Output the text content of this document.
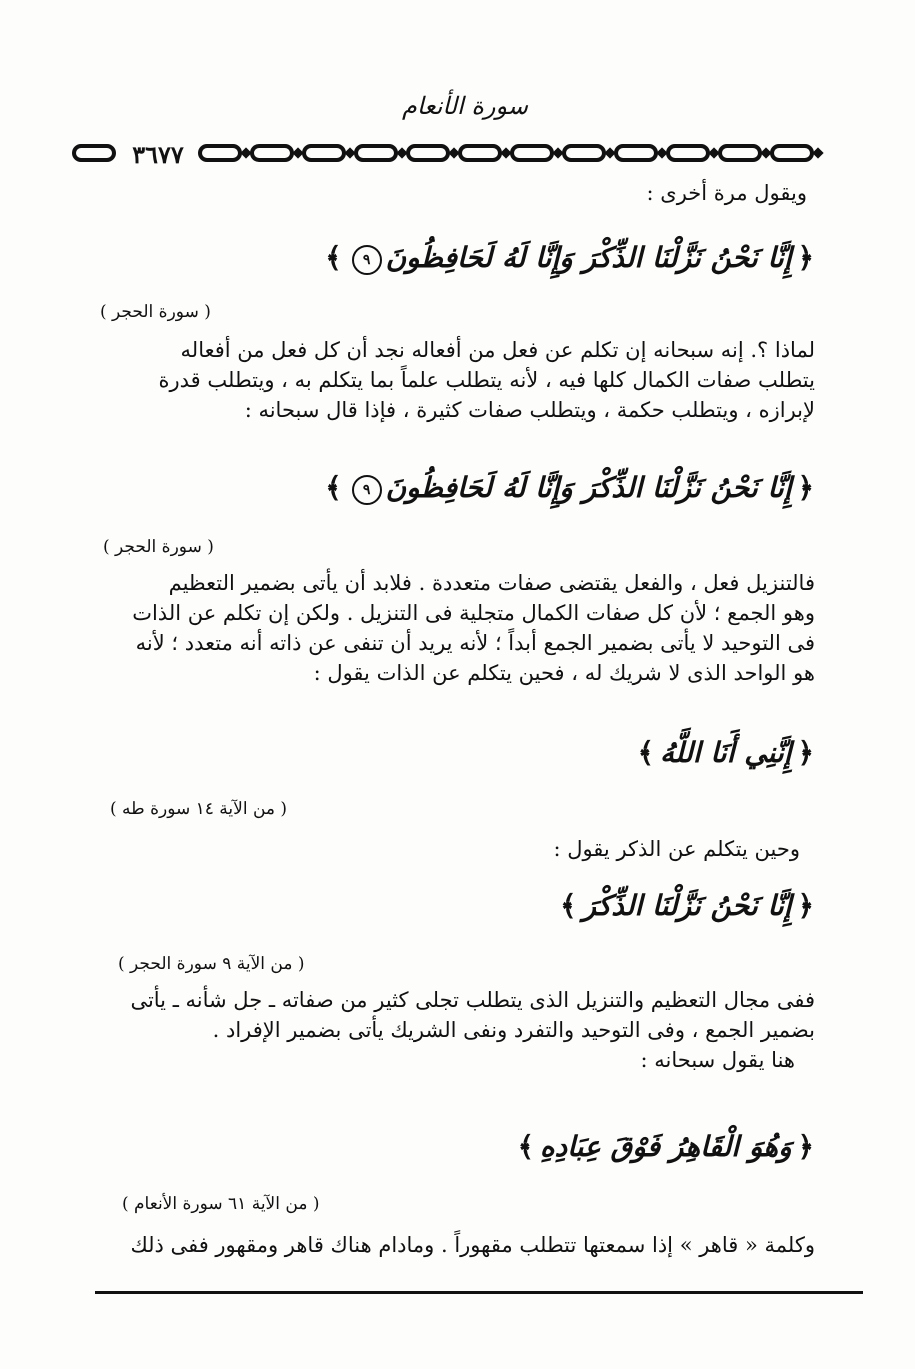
سورة الأنعام
٣٦٧٧
ويقول مرة أخرى :
﴿إِنَّا نَحْنُ نَزَّلْنَا الذِّكْرَ وَإِنَّا لَهُ لَحَافِظُونَ٩﴾
( سورة الحجر )
لماذا ؟. إنه سبحانه إن تكلم عن فعل من أفعاله نجد أن كل فعل من أفعاله
يتطلب صفات الكمال كلها فيه ، لأنه يتطلب علماً بما يتكلم به ، ويتطلب قدرة
لإبرازه ، ويتطلب حكمة ، ويتطلب صفات كثيرة ، فإذا قال سبحانه :
﴿إِنَّا نَحْنُ نَزَّلْنَا الذِّكْرَ وَإِنَّا لَهُ لَحَافِظُونَ٩﴾
( سورة الحجر )
فالتنزيل فعل ، والفعل يقتضى صفات متعددة . فلابد أن يأتى بضمير التعظيم
وهو الجمع ؛ لأن كل صفات الكمال متجلية فى التنزيل . ولكن إن تكلم عن الذات
فى التوحيد لا يأتى بضمير الجمع أبداً ؛ لأنه يريد أن تنفى عن ذاته أنه متعدد ؛ لأنه
هو الواحد الذى لا شريك له ، فحين يتكلم عن الذات يقول :
﴿إِنَّنِي أَنَا اللَّهُ﴾
( من الآية ١٤ سورة طه )
وحين يتكلم عن الذكر يقول :
﴿إِنَّا نَحْنُ نَزَّلْنَا الذِّكْرَ﴾
( من الآية ٩ سورة الحجر )
ففى مجال التعظيم والتنزيل الذى يتطلب تجلى كثير من صفاته ـ جل شأنه ـ يأتى
بضمير الجمع ، وفى التوحيد والتفرد ونفى الشريك يأتى بضمير الإفراد .
هنا يقول سبحانه :
﴿وَهُوَ الْقَاهِرُ فَوْقَ عِبَادِهِ﴾
( من الآية ٦١ سورة الأنعام )
وكلمة « قاهر » إذا سمعتها تتطلب مقهوراً . ومادام هناك قاهر ومقهور ففى ذلك
